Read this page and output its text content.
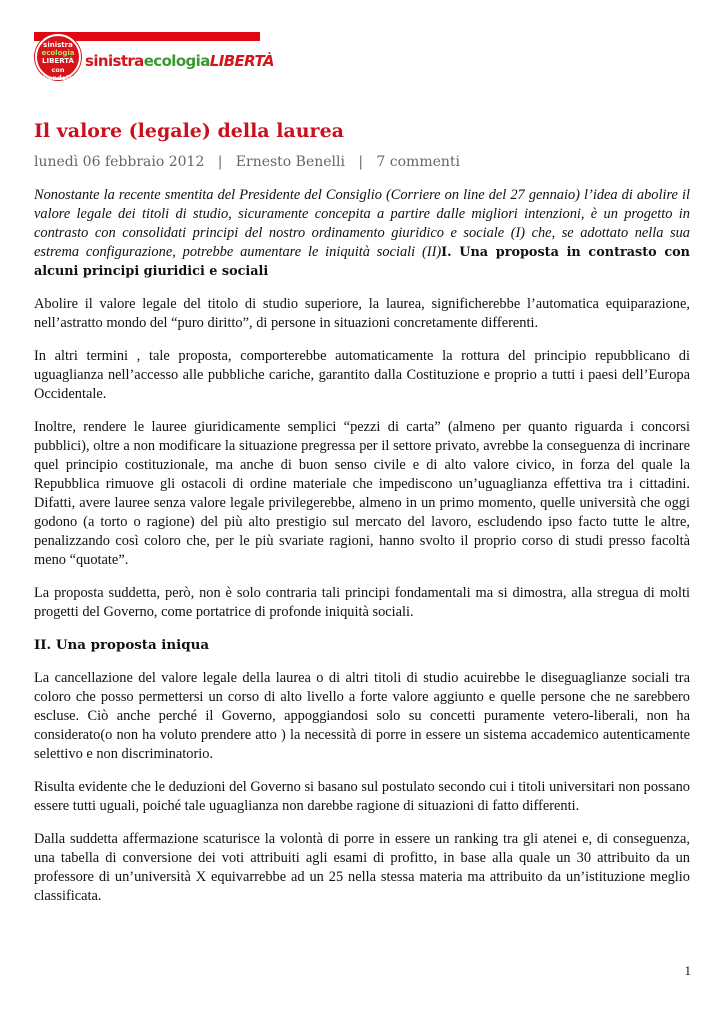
sinistra
ecologia
LIBERTÀ
con Vendola
sinistraecologiaLIBERTÀ
Il valore (legale) della laurea
lunedì 06 febbraio 2012   |   Ernesto Benelli   |   7 commenti

Nonostante la recente smentita del Presidente del Consiglio (Corriere on line del 27 gennaio) l’idea di abolire il valore legale dei titoli di studio, sicuramente concepita a partire dalle migliori intenzioni, è un progetto in contrasto con consolidati principi del nostro ordinamento giuridico e sociale (I) che, se adottato nella sua estrema configurazione, potrebbe aumentare le iniquità sociali (II)I. Una proposta in contrasto con alcuni principi giuridici e sociali

Abolire il valore legale del titolo di studio superiore, la laurea, significherebbe l’automatica equiparazione, nell’astratto mondo del “puro diritto”, di persone in situazioni concretamente differenti.

In altri termini , tale proposta, comporterebbe automaticamente la rottura del principio repubblicano di uguaglianza nell’accesso alle pubbliche cariche, garantito dalla Costituzione e proprio a tutti i paesi dell’Europa Occidentale.

Inoltre, rendere le lauree giuridicamente semplici “pezzi di carta” (almeno per quanto riguarda i concorsi pubblici), oltre a non modificare la situazione pregressa per il settore privato, avrebbe la conseguenza di incrinare quel principio costituzionale, ma anche di buon senso civile e di alto valore civico, in forza del quale la Repubblica rimuove gli ostacoli di ordine materiale che impediscono un’uguaglianza effettiva tra i cittadini. Difatti, avere lauree senza valore legale privilegerebbe, almeno in un primo momento, quelle università che oggi godono (a torto o ragione) del più alto prestigio sul mercato del lavoro, escludendo ipso facto tutte le altre, penalizzando così coloro che, per le più svariate ragioni, hanno svolto il proprio corso di studi presso facoltà meno “quotate”.

La proposta suddetta, però, non è solo contraria tali principi fondamentali ma si dimostra, alla stregua di molti progetti del Governo, come portatrice di profonde iniquità sociali.

II. Una proposta iniqua

La cancellazione del valore legale della laurea o di altri titoli di studio acuirebbe le diseguaglianze sociali tra coloro che posso permettersi un corso di alto livello a forte valore aggiunto e quelle persone che ne sarebbero escluse. Ciò anche perché il Governo, appoggiandosi solo su concetti puramente vetero-liberali, non ha considerato(o non ha voluto prendere atto ) la necessità di porre in essere un sistema accademico autenticamente selettivo e non discriminatorio.

Risulta evidente che le deduzioni del Governo si basano sul postulato secondo cui i titoli universitari non possano essere tutti uguali, poiché tale uguaglianza non darebbe ragione di situazioni di fatto differenti.

Dalla suddetta affermazione scaturisce la volontà di porre in essere un ranking tra gli atenei e, di conseguenza, una tabella di conversione dei voti attribuiti agli esami di profitto, in base alla quale un 30 attribuito da un professore di un’università X equivarrebbe ad un 25 nella stessa materia ma attribuito da un’istituzione meglio classificata.

1
